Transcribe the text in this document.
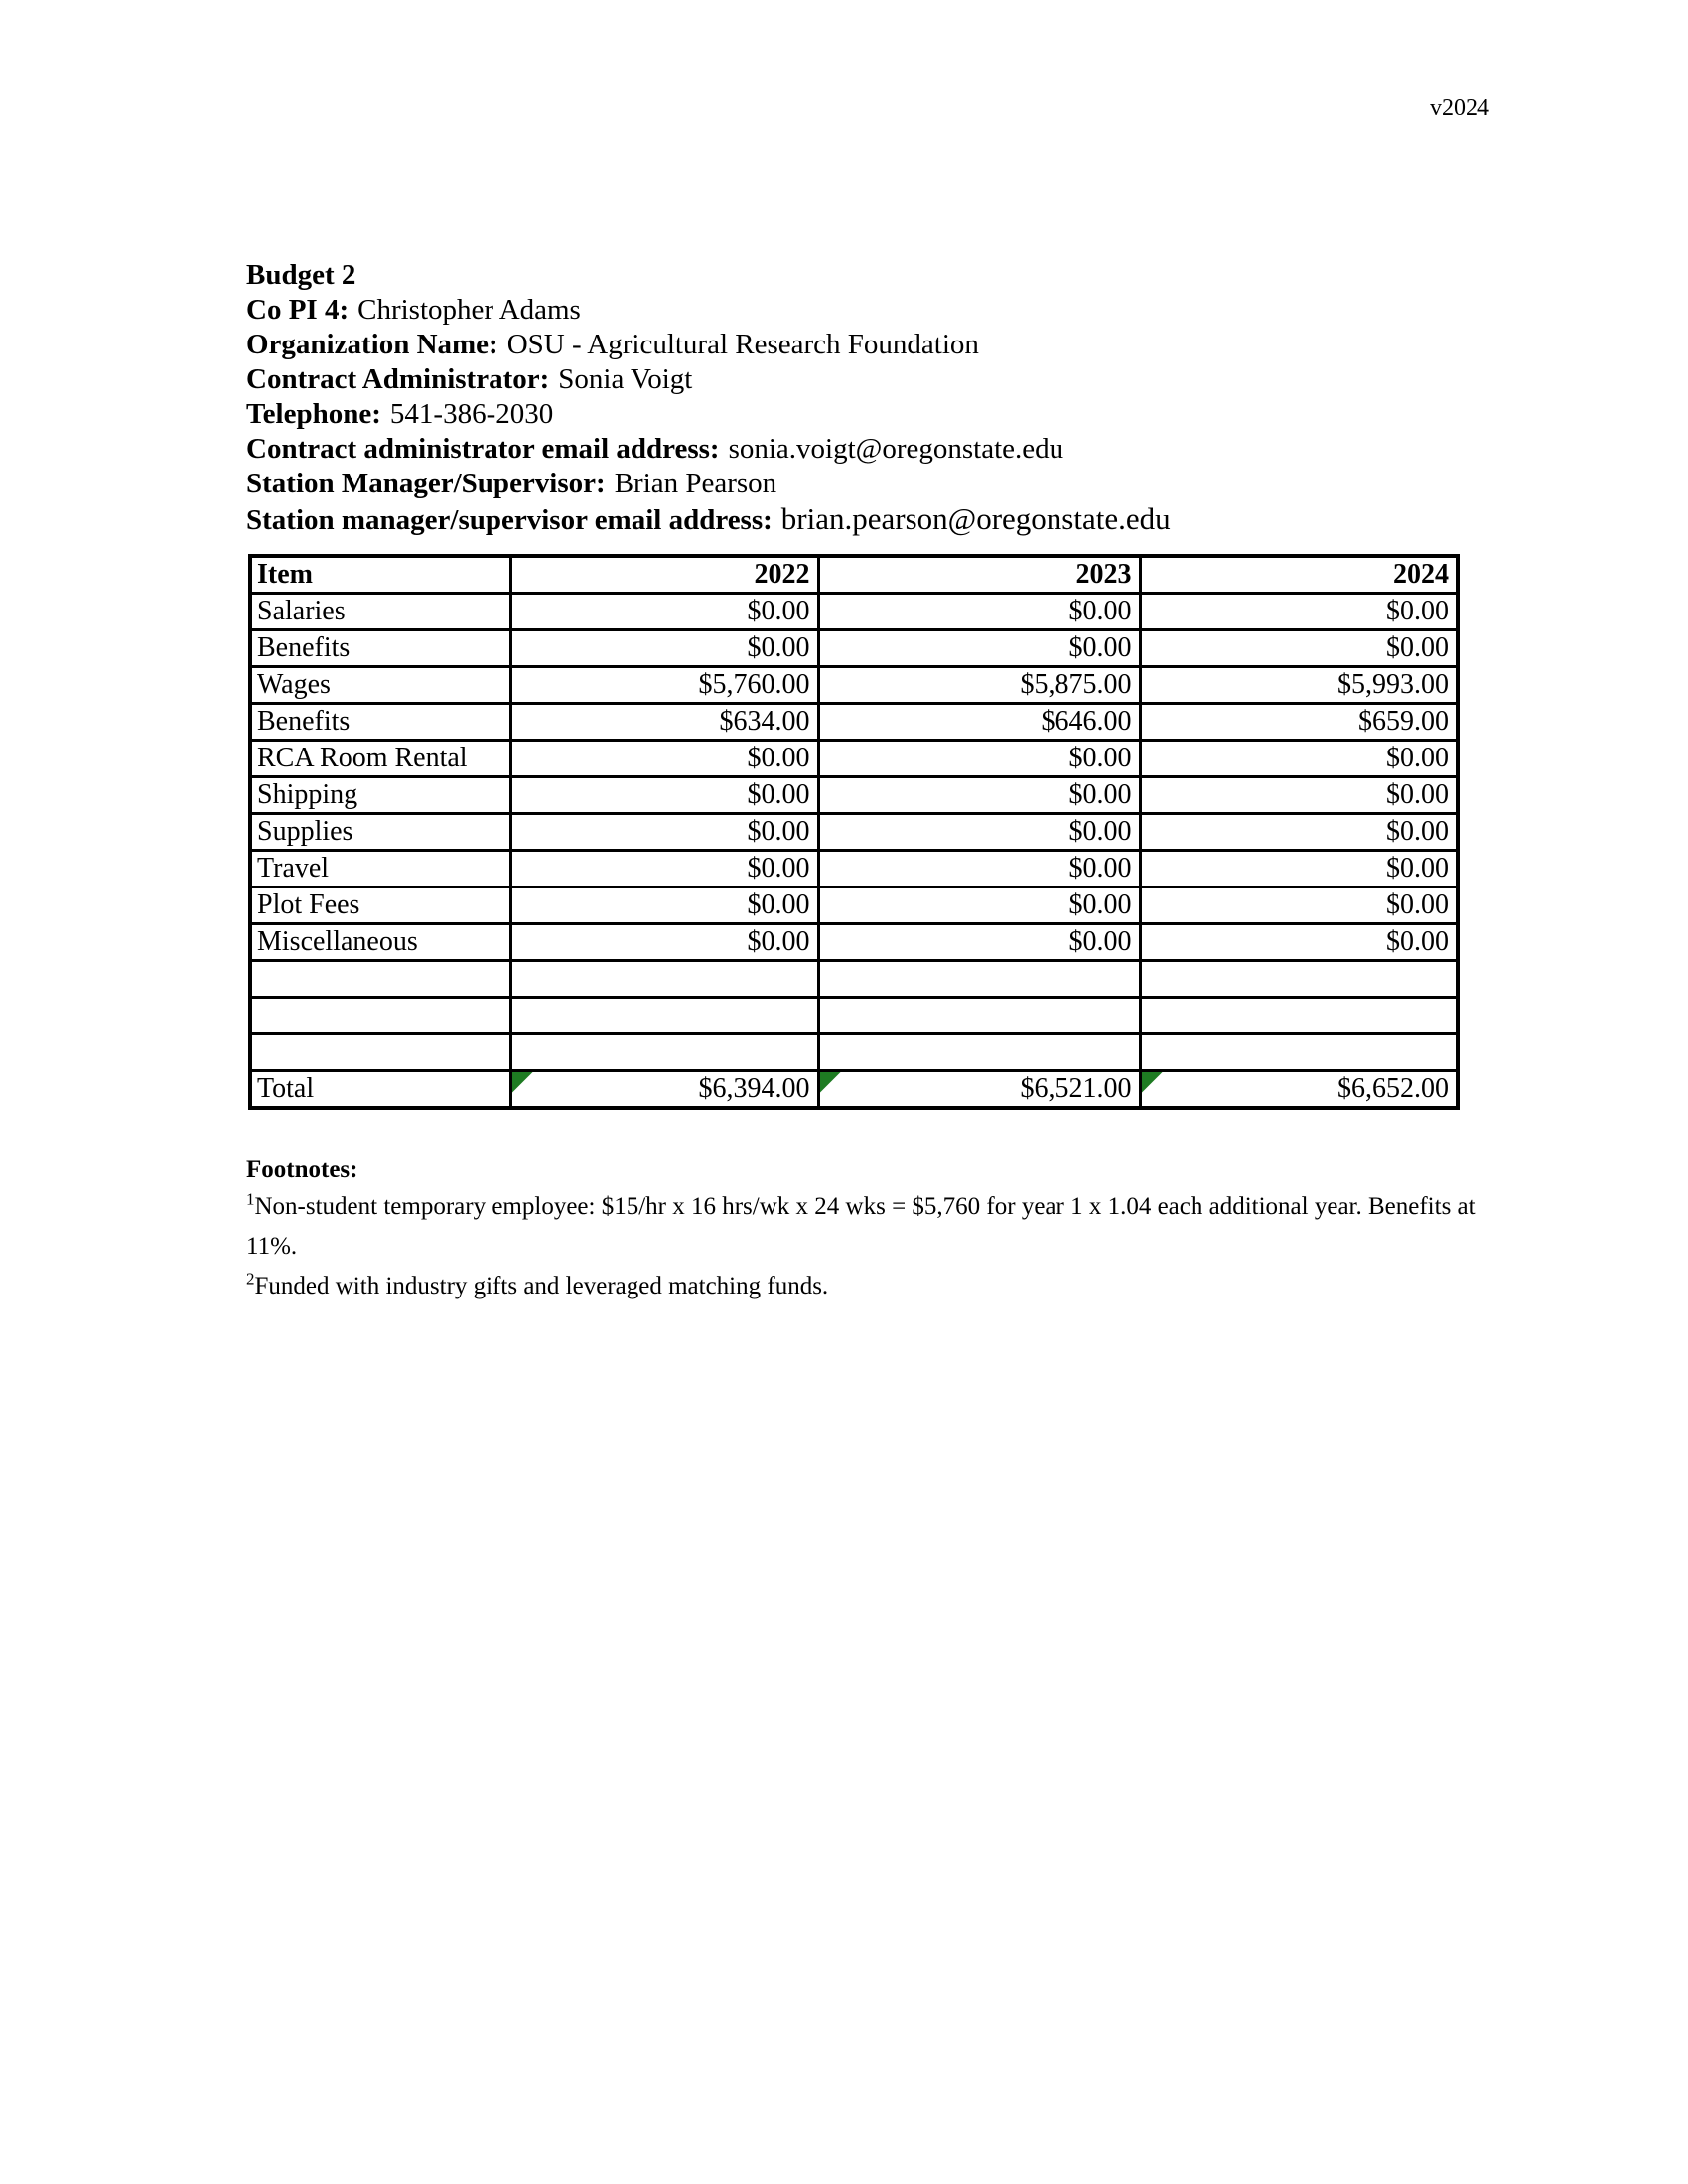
v2024
Budget 2
Co PI 4: Christopher Adams
Organization Name: OSU - Agricultural Research Foundation
Contract Administrator: Sonia Voigt
Telephone: 541-386-2030
Contract administrator email address: sonia.voigt@oregonstate.edu
Station Manager/Supervisor: Brian Pearson
Station manager/supervisor email address: brian.pearson@oregonstate.edu
Item	2022	2023	2024
Salaries	$0.00	$0.00	$0.00
Benefits	$0.00	$0.00	$0.00
Wages	$5,760.00	$5,875.00	$5,993.00
Benefits	$634.00	$646.00	$659.00
RCA Room Rental	$0.00	$0.00	$0.00
Shipping	$0.00	$0.00	$0.00
Supplies	$0.00	$0.00	$0.00
Travel	$0.00	$0.00	$0.00
Plot Fees	$0.00	$0.00	$0.00
Miscellaneous	$0.00	$0.00	$0.00

Total	$6,394.00	$6,521.00	$6,652.00
Footnotes:
$^1$Non-student temporary employee: $15/hr x 16 hrs/wk x 24 wks = $5,760 for year 1 x 1.04 each additional year. Benefits at 11%.
$^2$Funded with industry gifts and leveraged matching funds.
